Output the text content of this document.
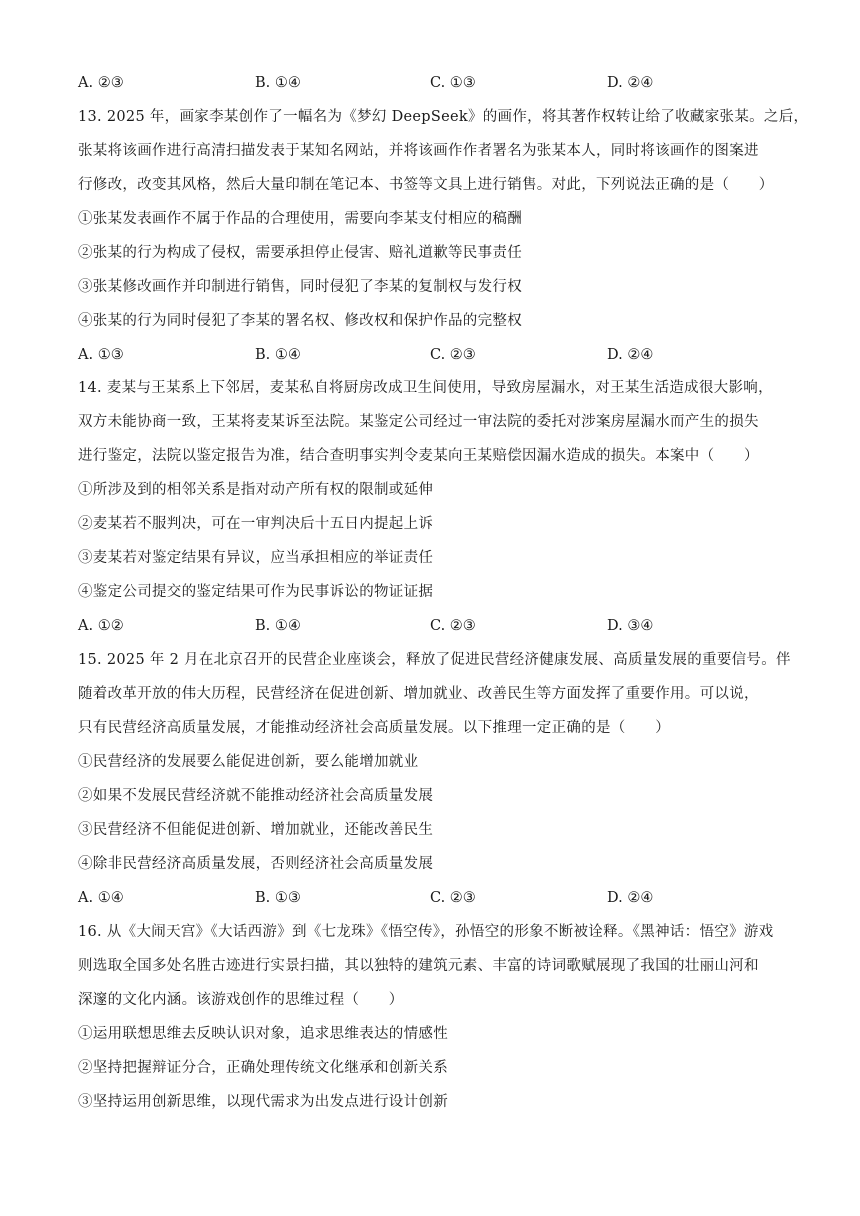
A. ②③	B. ①④	C. ①③	D. ②④
13. 2025 年，画家李某创作了一幅名为《梦幻 DeepSeek》的画作，将其著作权转让给了收藏家张某。之后，
张某将该画作进行高清扫描发表于某知名网站，并将该画作作者署名为张某本人，同时将该画作的图案进
行修改，改变其风格，然后大量印制在笔记本、书签等文具上进行销售。对此，下列说法正确的是（　　）
①张某发表画作不属于作品的合理使用，需要向李某支付相应的稿酬
②张某的行为构成了侵权，需要承担停止侵害、赔礼道歉等民事责任
③张某修改画作并印制进行销售，同时侵犯了李某的复制权与发行权
④张某的行为同时侵犯了李某的署名权、修改权和保护作品的完整权
A. ①③	B. ①④	C. ②③	D. ②④
14. 麦某与王某系上下邻居，麦某私自将厨房改成卫生间使用，导致房屋漏水，对王某生活造成很大影响，
双方未能协商一致，王某将麦某诉至法院。某鉴定公司经过一审法院的委托对涉案房屋漏水而产生的损失
进行鉴定，法院以鉴定报告为准，结合查明事实判令麦某向王某赔偿因漏水造成的损失。本案中（　　）
①所涉及到的相邻关系是指对动产所有权的限制或延伸
②麦某若不服判决，可在一审判决后十五日内提起上诉
③麦某若对鉴定结果有异议，应当承担相应的举证责任
④鉴定公司提交的鉴定结果可作为民事诉讼的物证证据
A. ①②	B. ①④	C. ②③	D. ③④
15. 2025 年 2 月在北京召开的民营企业座谈会，释放了促进民营经济健康发展、高质量发展的重要信号。伴
随着改革开放的伟大历程，民营经济在促进创新、增加就业、改善民生等方面发挥了重要作用。可以说，
只有民营经济高质量发展，才能推动经济社会高质量发展。以下推理一定正确的是（　　）
①民营经济的发展要么能促进创新，要么能增加就业
②如果不发展民营经济就不能推动经济社会高质量发展
③民营经济不但能促进创新、增加就业，还能改善民生
④除非民营经济高质量发展，否则经济社会高质量发展
A. ①④	B. ①③	C. ②③	D. ②④
16. 从《大闹天宫》《大话西游》到《七龙珠》《悟空传》，孙悟空的形象不断被诠释。《黑神话：悟空》游戏
则选取全国多处名胜古迹进行实景扫描，其以独特的建筑元素、丰富的诗词歌赋展现了我国的壮丽山河和
深邃的文化内涵。该游戏创作的思维过程（　　）
①运用联想思维去反映认识对象，追求思维表达的情感性
②坚持把握辩证分合，正确处理传统文化继承和创新关系
③坚持运用创新思维，以现代需求为出发点进行设计创新
